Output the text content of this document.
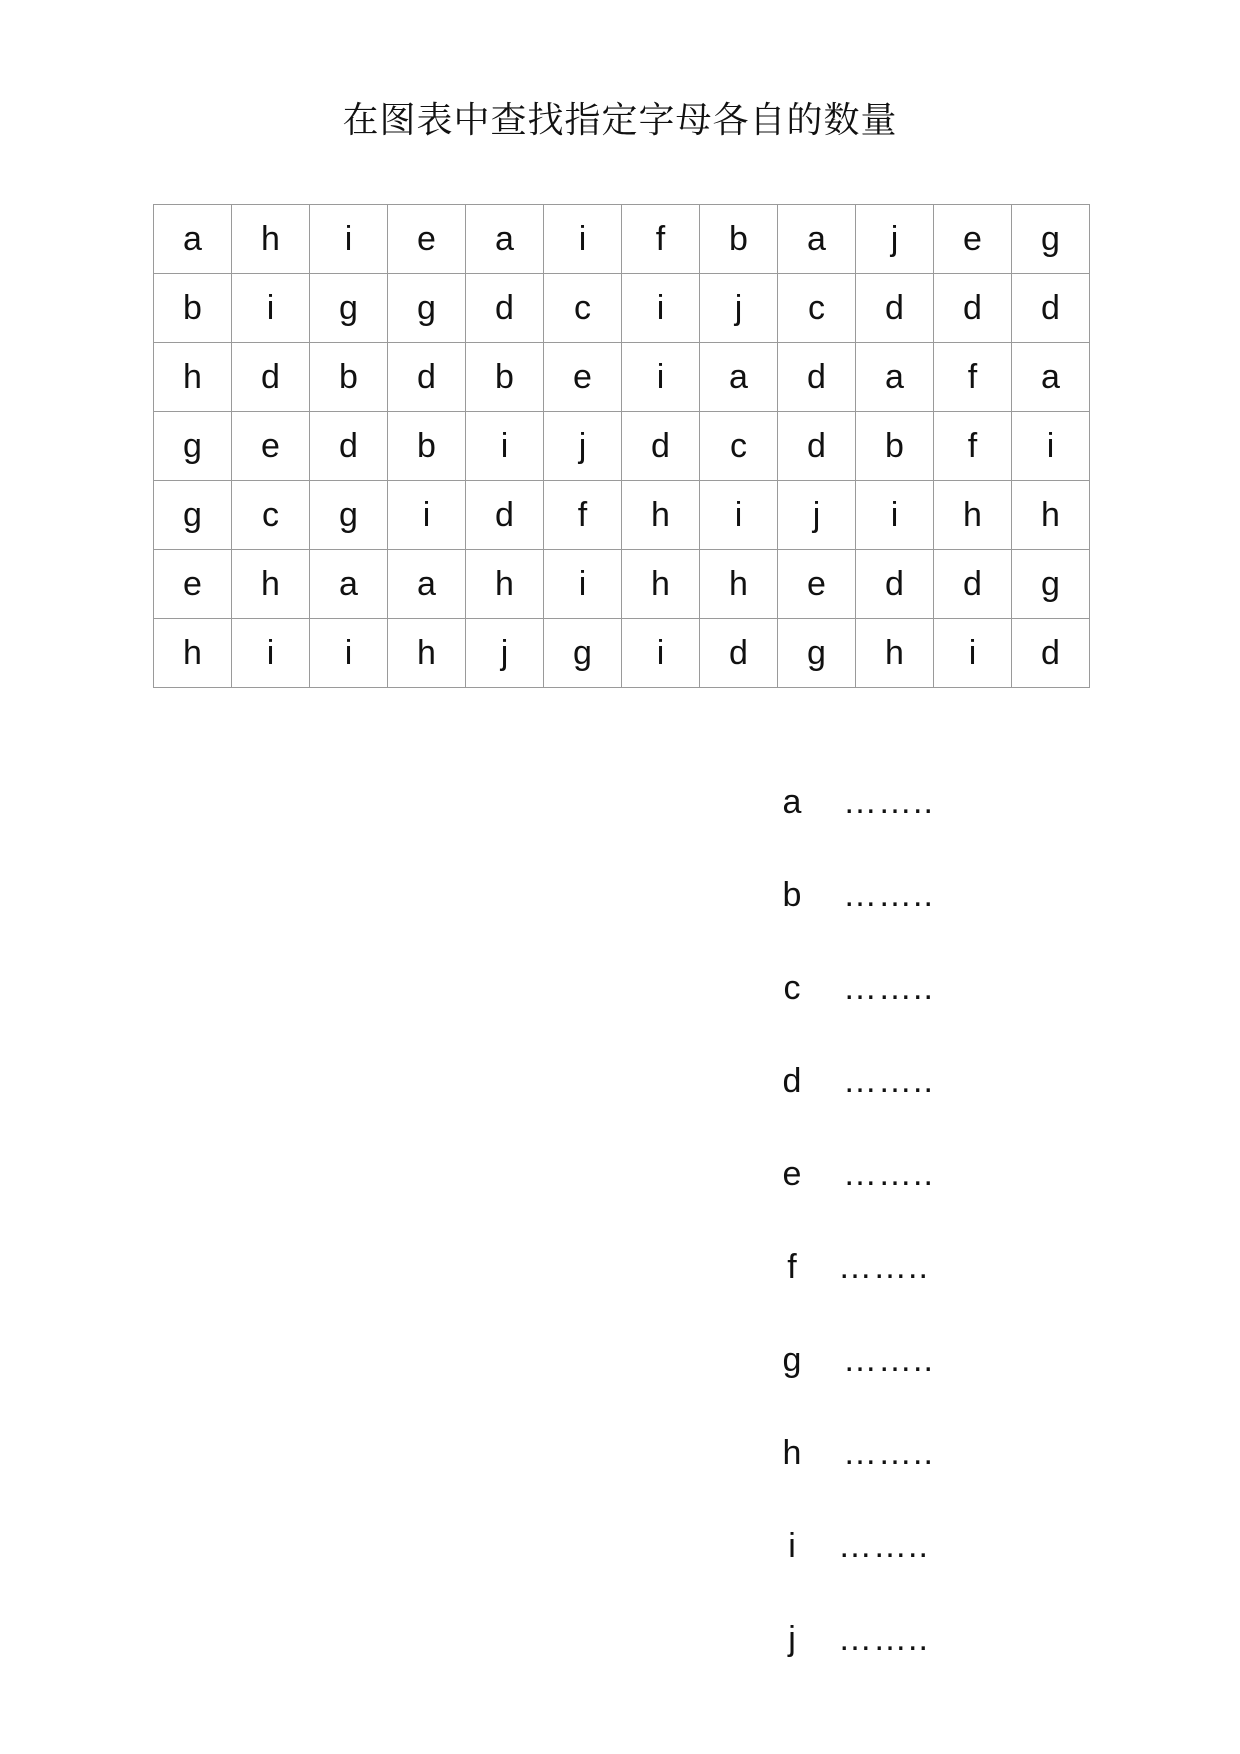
在图表中查找指定字母各自的数量
a	h	i	e	a	i	f	b	a	j	e	g
b	i	g	g	d	c	i	j	c	d	d	d
h	d	b	d	b	e	i	a	d	a	f	a
g	e	d	b	i	j	d	c	d	b	f	i
g	c	g	i	d	f	h	i	j	i	h	h
e	h	a	a	h	i	h	h	e	d	d	g
h	i	i	h	j	g	i	d	g	h	i	d
a ……..
b ……..
c ……..
d ……..
e ……..
f	……..
g ……..
h ……..
i	……..
j	……..
